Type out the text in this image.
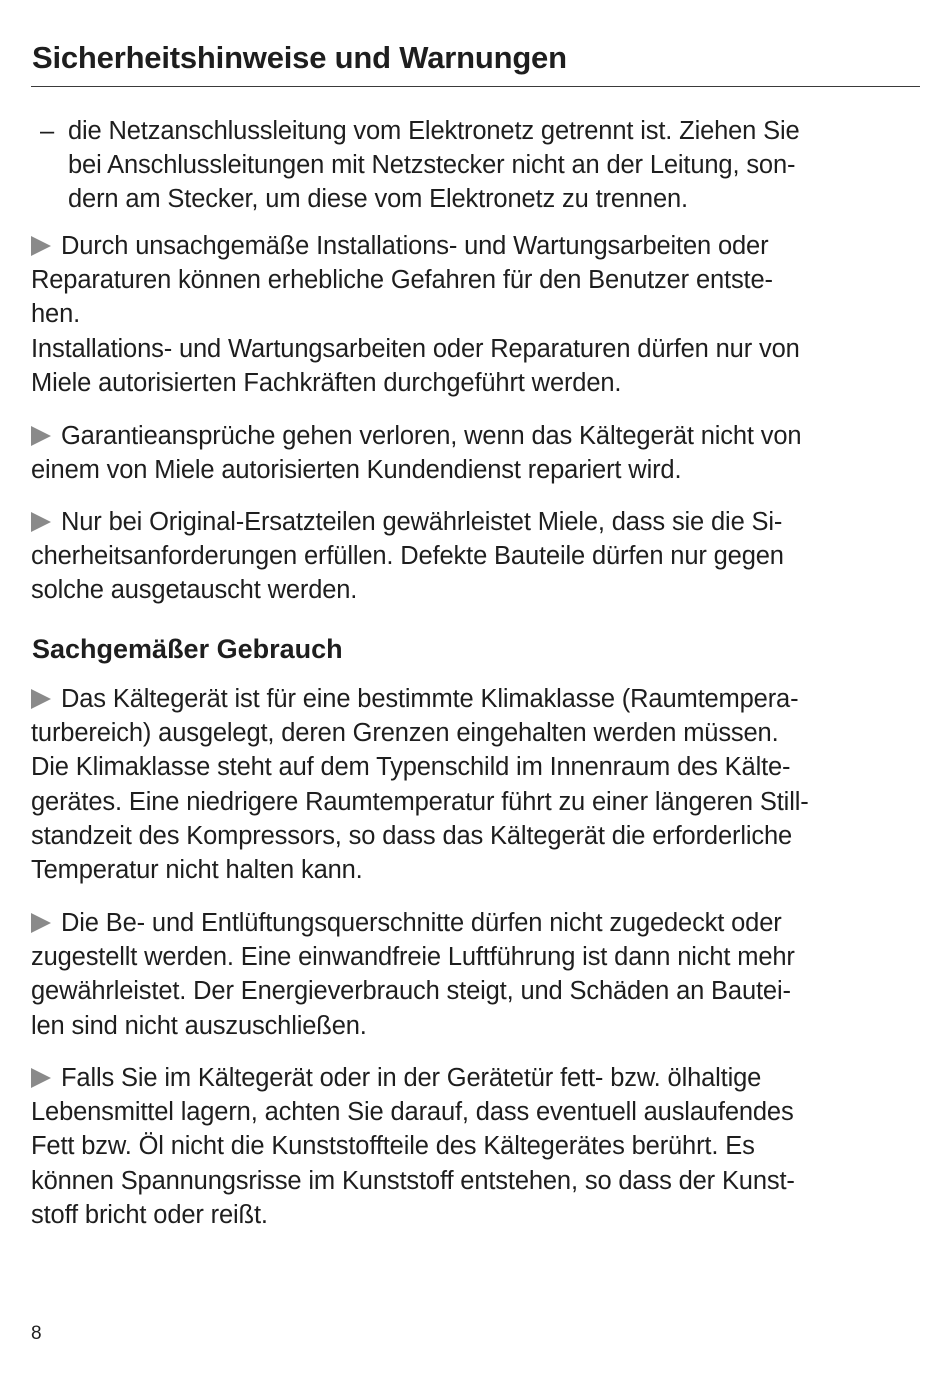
Sicherheitshinweise und Warnungen
– die Netzanschlussleitung vom Elektronetz getrennt ist. Ziehen Sie
bei Anschlussleitungen mit Netzstecker nicht an der Leitung, son-
dern am Stecker, um diese vom Elektronetz zu trennen.
Durch unsachgemäße Installations- und Wartungsarbeiten oder
Reparaturen können erhebliche Gefahren für den Benutzer entste-
hen.
Installations- und Wartungsarbeiten oder Reparaturen dürfen nur von
Miele autorisierten Fachkräften durchgeführt werden.
Garantieansprüche gehen verloren, wenn das Kältegerät nicht von
einem von Miele autorisierten Kundendienst repariert wird.
Nur bei Original-Ersatzteilen gewährleistet Miele, dass sie die Si-
cherheitsanforderungen erfüllen. Defekte Bauteile dürfen nur gegen
solche ausgetauscht werden.
Sachgemäßer Gebrauch
Das Kältegerät ist für eine bestimmte Klimaklasse (Raumtempera-
turbereich) ausgelegt, deren Grenzen eingehalten werden müssen.
Die Klimaklasse steht auf dem Typenschild im Innenraum des Kälte-
gerätes. Eine niedrigere Raumtemperatur führt zu einer längeren Still-
standzeit des Kompressors, so dass das Kältegerät die erforderliche
Temperatur nicht halten kann.
Die Be- und Entlüftungsquerschnitte dürfen nicht zugedeckt oder
zugestellt werden. Eine einwandfreie Luftführung ist dann nicht mehr
gewährleistet. Der Energieverbrauch steigt, und Schäden an Bautei-
len sind nicht auszuschließen.
Falls Sie im Kältegerät oder in der Gerätetür fett- bzw. ölhaltige
Lebensmittel lagern, achten Sie darauf, dass eventuell auslaufendes
Fett bzw. Öl nicht die Kunststoffteile des Kältegerätes berührt. Es
können Spannungsrisse im Kunststoff entstehen, so dass der Kunst-
stoff bricht oder reißt.
8
